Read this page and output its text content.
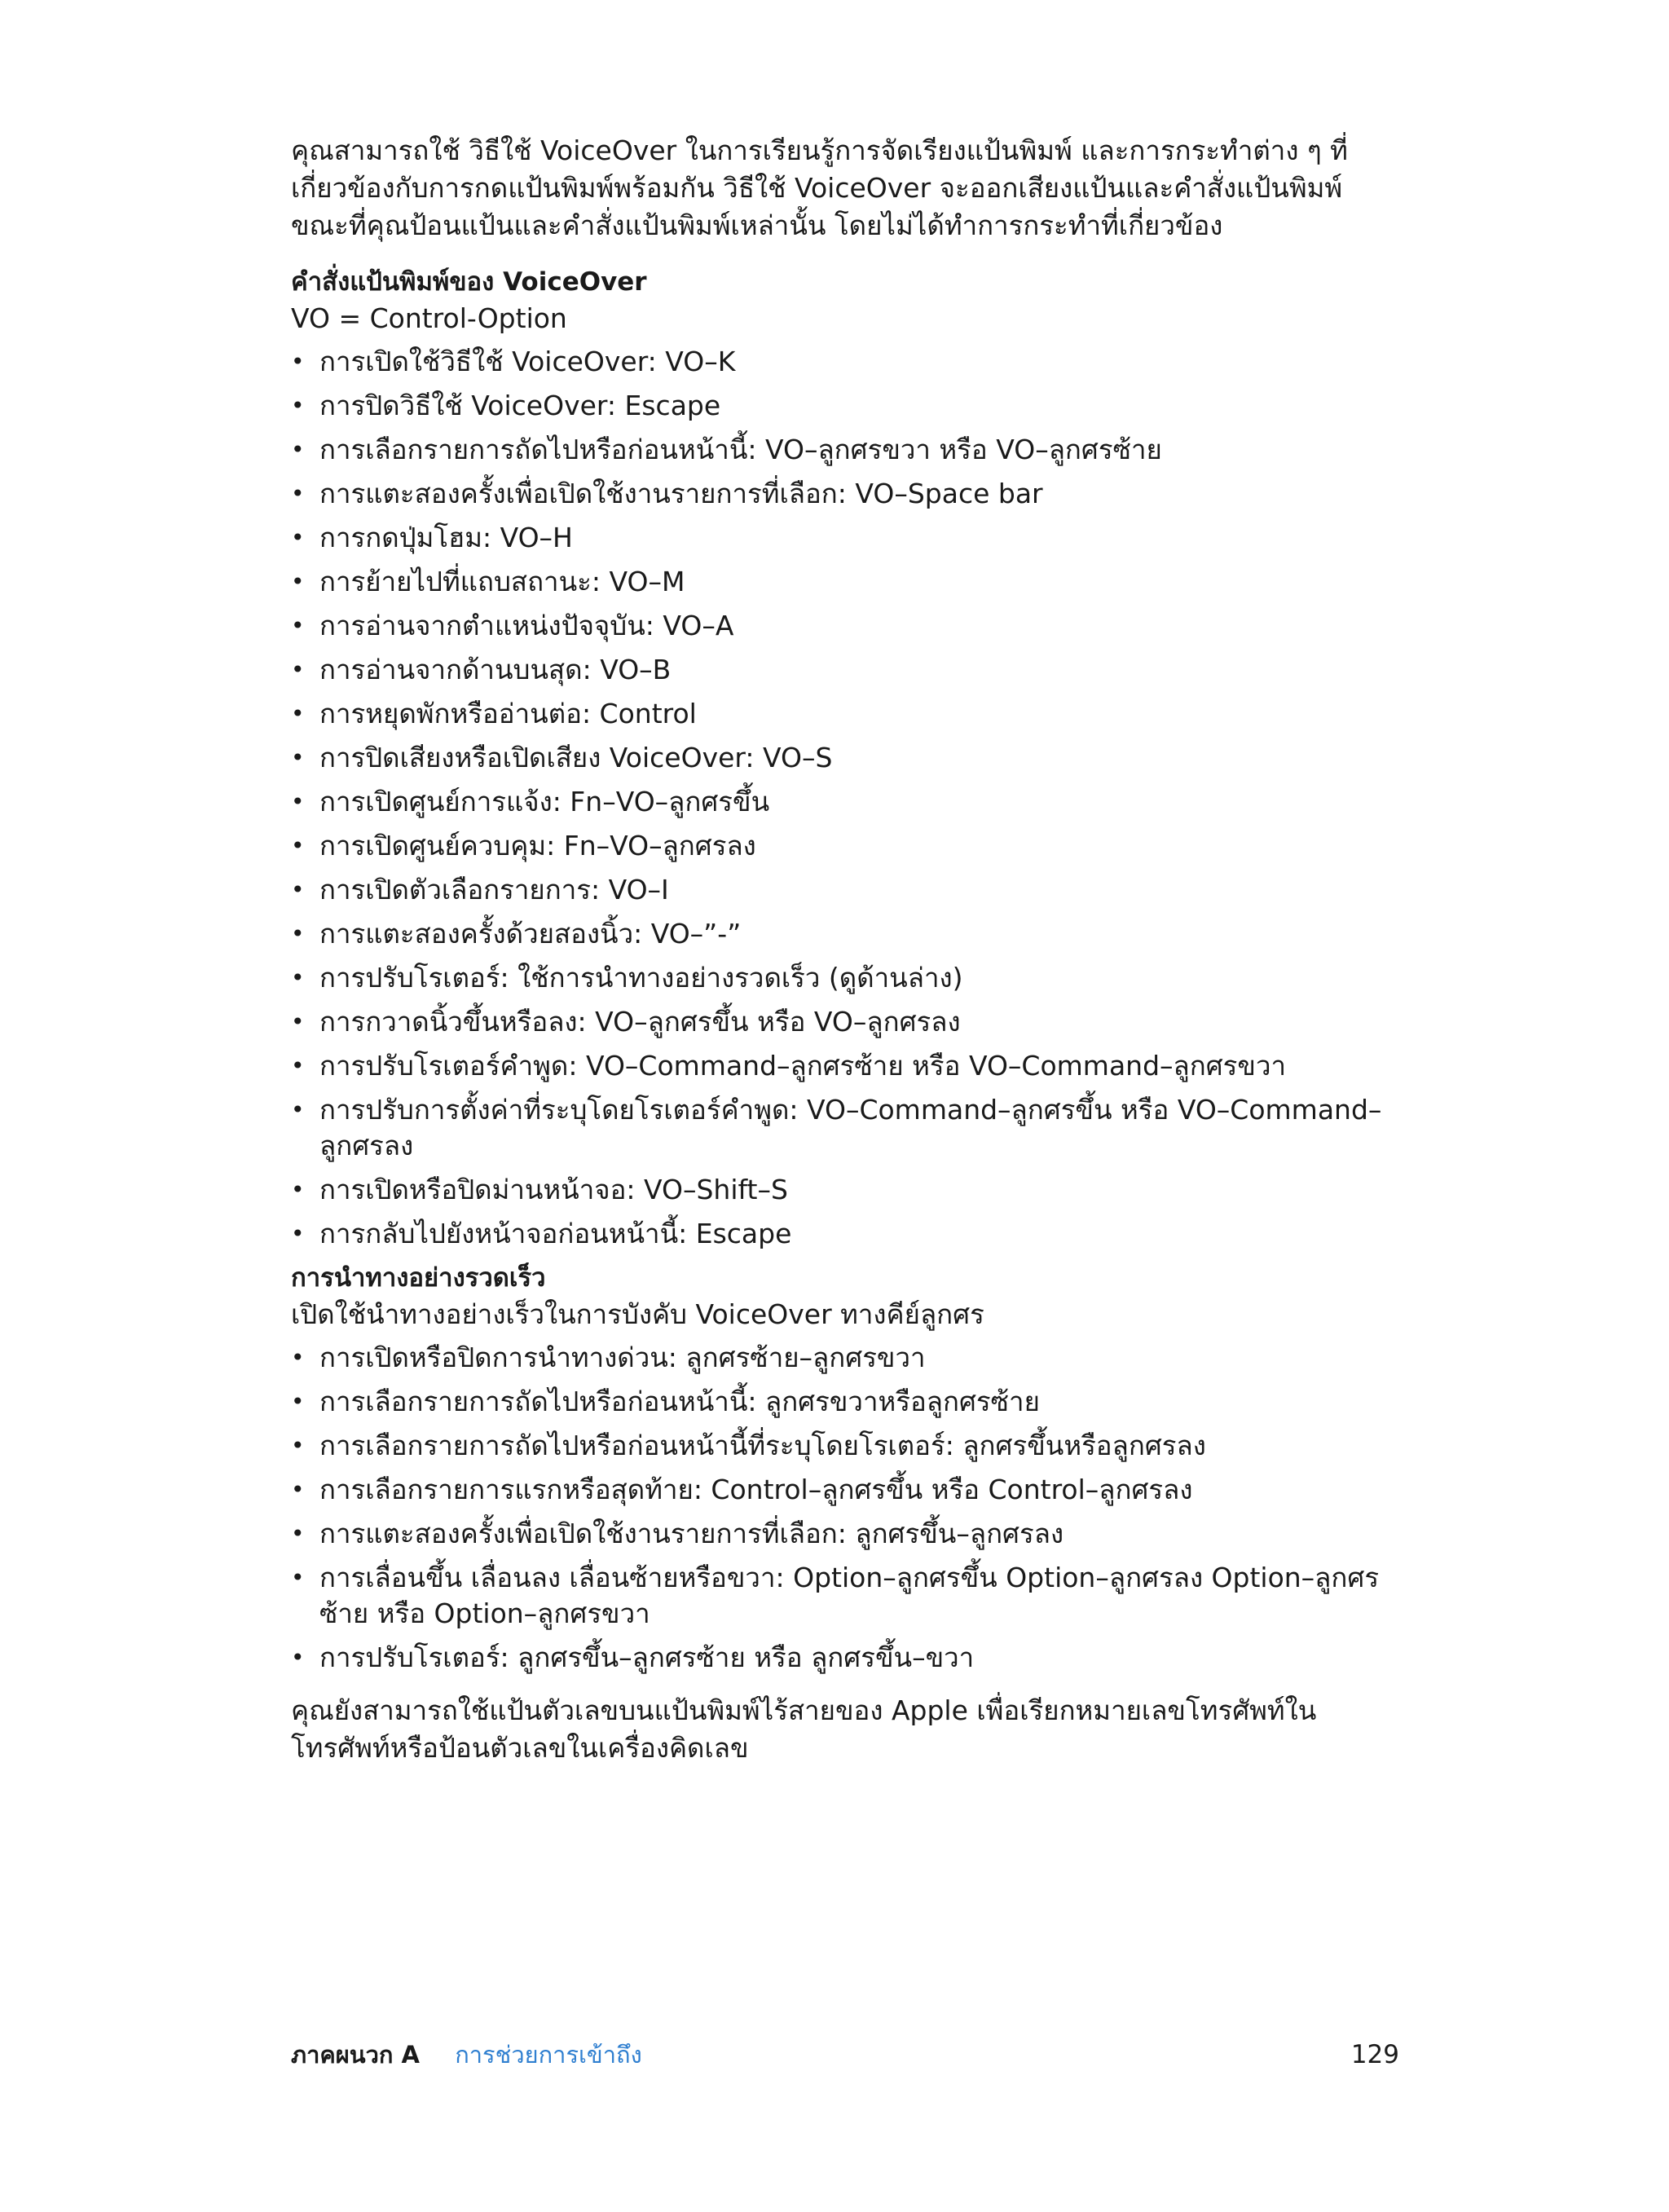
คุณสามารถใช้ วิธีใช้ VoiceOver ในการเรียนรู้การจัดเรียงแป้นพิมพ์ และการกระทำต่าง ๆ ที่เกี่ยวข้องกับการกดแป้นพิมพ์พร้อมกัน วิธีใช้ VoiceOver จะออกเสียงแป้นและคำสั่งแป้นพิมพ์ขณะที่คุณป้อนแป้นและคำสั่งแป้นพิมพ์เหล่านั้น โดยไม่ได้ทำการกระทำที่เกี่ยวข้อง

คำสั่งแป้นพิมพ์ของ VoiceOver

VO = Control-Option

• การเปิดใช้วิธีใช้ VoiceOver: VO–K
• การปิดวิธีใช้ VoiceOver: Escape
• การเลือกรายการถัดไปหรือก่อนหน้านี้: VO–ลูกศรขวา หรือ VO–ลูกศรซ้าย
• การแตะสองครั้งเพื่อเปิดใช้งานรายการที่เลือก: VO–Space bar
• การกดปุ่มโฮม: VO–H
• การย้ายไปที่แถบสถานะ: VO–M
• การอ่านจากตำแหน่งปัจจุบัน: VO–A
• การอ่านจากด้านบนสุด: VO–B
• การหยุดพักหรืออ่านต่อ: Control
• การปิดเสียงหรือเปิดเสียง VoiceOver: VO–S
• การเปิดศูนย์การแจ้ง: Fn–VO–ลูกศรขึ้น
• การเปิดศูนย์ควบคุม: Fn–VO–ลูกศรลง
• การเปิดตัวเลือกรายการ: VO–I
• การแตะสองครั้งด้วยสองนิ้ว: VO–”-”
• การปรับโรเตอร์: ใช้การนำทางอย่างรวดเร็ว (ดูด้านล่าง)
• การกวาดนิ้วขึ้นหรือลง: VO–ลูกศรขึ้น หรือ VO–ลูกศรลง
• การปรับโรเตอร์คำพูด: VO–Command–ลูกศรซ้าย หรือ VO–Command–ลูกศรขวา
• การปรับการตั้งค่าที่ระบุโดยโรเตอร์คำพูด: VO–Command–ลูกศรขึ้น หรือ VO–Command–ลูกศรลง
• การเปิดหรือปิดม่านหน้าจอ: VO–Shift–S
• การกลับไปยังหน้าจอก่อนหน้านี้: Escape

การนำทางอย่างรวดเร็ว

เปิดใช้นำทางอย่างเร็วในการบังคับ VoiceOver ทางคีย์ลูกศร

• การเปิดหรือปิดการนำทางด่วน: ลูกศรซ้าย–ลูกศรขวา
• การเลือกรายการถัดไปหรือก่อนหน้านี้: ลูกศรขวาหรือลูกศรซ้าย
• การเลือกรายการถัดไปหรือก่อนหน้านี้ที่ระบุโดยโรเตอร์: ลูกศรขึ้นหรือลูกศรลง
• การเลือกรายการแรกหรือสุดท้าย: Control–ลูกศรขึ้น หรือ Control–ลูกศรลง
• การแตะสองครั้งเพื่อเปิดใช้งานรายการที่เลือก: ลูกศรขึ้น–ลูกศรลง
• การเลื่อนขึ้น เลื่อนลง เลื่อนซ้ายหรือขวา: Option–ลูกศรขึ้น Option–ลูกศรลง Option–ลูกศรซ้าย หรือ Option–ลูกศรขวา
• การปรับโรเตอร์: ลูกศรขึ้น–ลูกศรซ้าย หรือ ลูกศรขึ้น–ขวา

คุณยังสามารถใช้แป้นตัวเลขบนแป้นพิมพ์ไร้สายของ Apple เพื่อเรียกหมายเลขโทรศัพท์ใน โทรศัพท์หรือป้อนตัวเลขในเครื่องคิดเลข

ภาคผนวก A การช่วยการเข้าถึง	129
